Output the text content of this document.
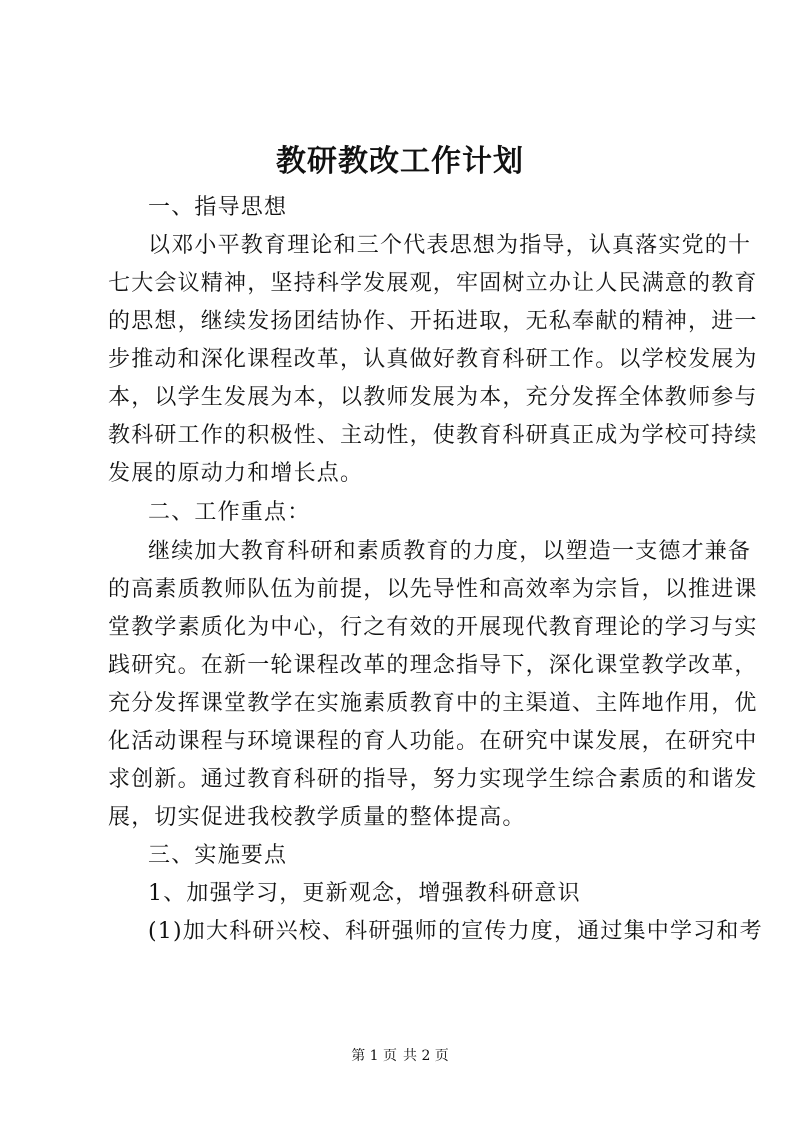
教研教改工作计划
一、指导思想
以邓小平教育理论和三个代表思想为指导，认真落实党的十
七大会议精神，坚持科学发展观，牢固树立办让人民满意的教育
的思想，继续发扬团结协作、开拓进取，无私奉献的精神，进一
步推动和深化课程改革，认真做好教育科研工作。以学校发展为
本，以学生发展为本，以教师发展为本，充分发挥全体教师参与
教科研工作的积极性、主动性，使教育科研真正成为学校可持续
发展的原动力和增长点。
二、工作重点：
继续加大教育科研和素质教育的力度，以塑造一支德才兼备
的高素质教师队伍为前提，以先导性和高效率为宗旨，以推进课
堂教学素质化为中心，行之有效的开展现代教育理论的学习与实
践研究。在新一轮课程改革的理念指导下，深化课堂教学改革，
充分发挥课堂教学在实施素质教育中的主渠道、主阵地作用，优
化活动课程与环境课程的育人功能。在研究中谋发展，在研究中
求创新。通过教育科研的指导，努力实现学生综合素质的和谐发
展，切实促进我校教学质量的整体提高。
三、实施要点
1、加强学习，更新观念，增强教科研意识
(1)加大科研兴校、科研强师的宣传力度，通过集中学习和考
第 1 页 共 2 页
